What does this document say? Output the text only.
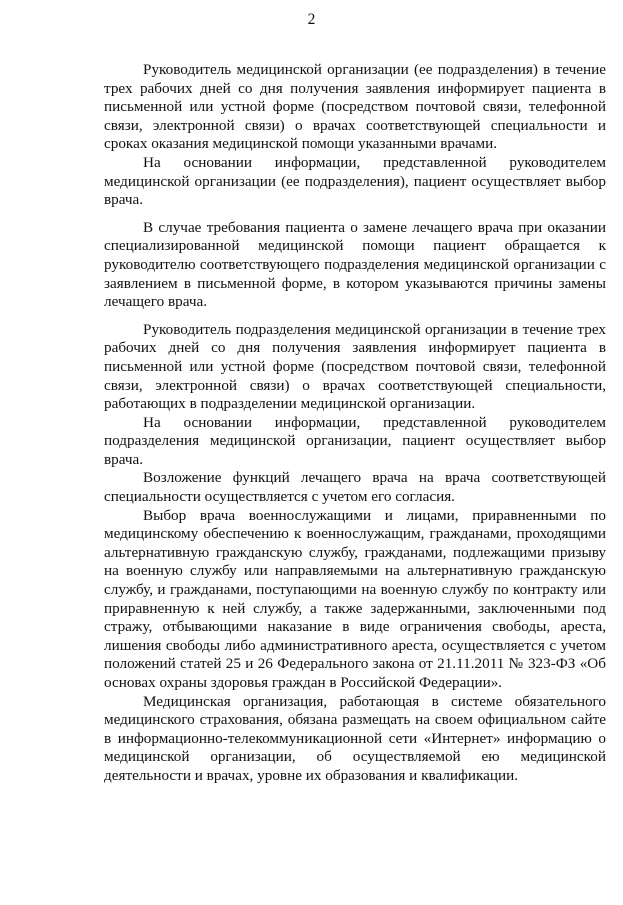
2

Руководитель медицинской организации (ее подразделения) в течение трех рабочих дней со дня получения заявления информирует пациента в письменной или устной форме (посредством почтовой связи, телефонной связи, электронной связи) о врачах соответствующей специальности и сроках оказания медицинской помощи указанными врачами.

На основании информации, представленной руководителем медицинской организации (ее подразделения), пациент осуществляет выбор врача.

В случае требования пациента о замене лечащего врача при оказании специализированной медицинской помощи пациент обращается к руководителю соответствующего подразделения медицинской организации с заявлением в письменной форме, в котором указываются причины замены лечащего врача.

Руководитель подразделения медицинской организации в течение трех рабочих дней со дня получения заявления информирует пациента в письменной или устной форме (посредством почтовой связи, телефонной связи, электронной связи) о врачах соответствующей специальности, работающих в подразделении медицинской организации.

На основании информации, представленной руководителем подразделения медицинской организации, пациент осуществляет выбор врача.

Возложение функций лечащего врача на врача соответствующей специальности осуществляется с учетом его согласия.

Выбор врача военнослужащими и лицами, приравненными по медицинскому обеспечению к военнослужащим, гражданами, проходящими альтернативную гражданскую службу, гражданами, подлежащими призыву на военную службу или направляемыми на альтернативную гражданскую службу, и гражданами, поступающими на военную службу по контракту или приравненную к ней службу, а также задержанными, заключенными под стражу, отбывающими наказание в виде ограничения свободы, ареста, лишения свободы либо административного ареста, осуществляется с учетом положений статей 25 и 26 Федерального закона от 21.11.2011 № 323-ФЗ «Об основах охраны здоровья граждан в Российской Федерации».

Медицинская организация, работающая в системе обязательного медицинского страхования, обязана размещать на своем официальном сайте в информационно-телекоммуникационной сети «Интернет» информацию о медицинской организации, об осуществляемой ею медицинской деятельности и врачах, уровне их образования и квалификации.
